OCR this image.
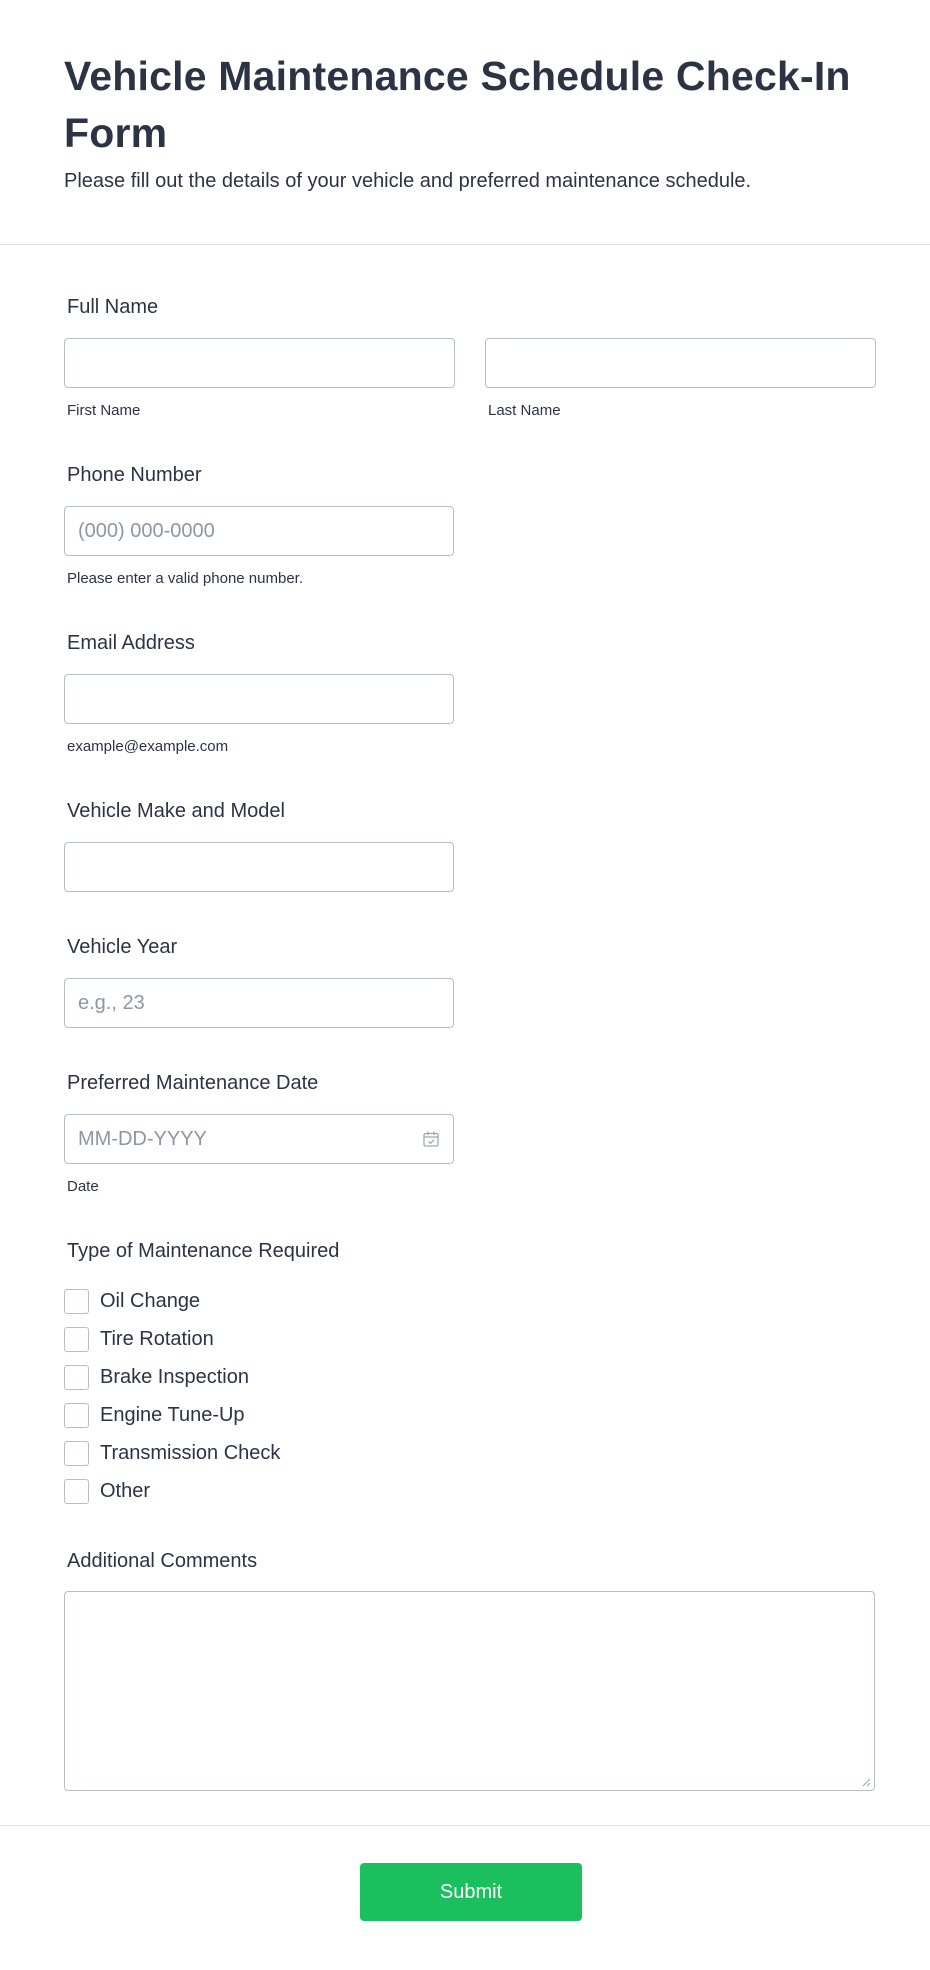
Vehicle Maintenance Schedule Check-In Form

Please fill out the details of your vehicle and preferred maintenance schedule.

Full Name
First Name	Last Name
Phone Number
(000) 000-0000
Please enter a valid phone number.
Email Address
example@example.com
Vehicle Make and Model
Vehicle Year
e.g., 23
Preferred Maintenance Date
MM-DD-YYYY
Date
Type of Maintenance Required
Oil Change
Tire Rotation
Brake Inspection
Engine Tune-Up
Transmission Check
Other
Additional Comments
Submit
